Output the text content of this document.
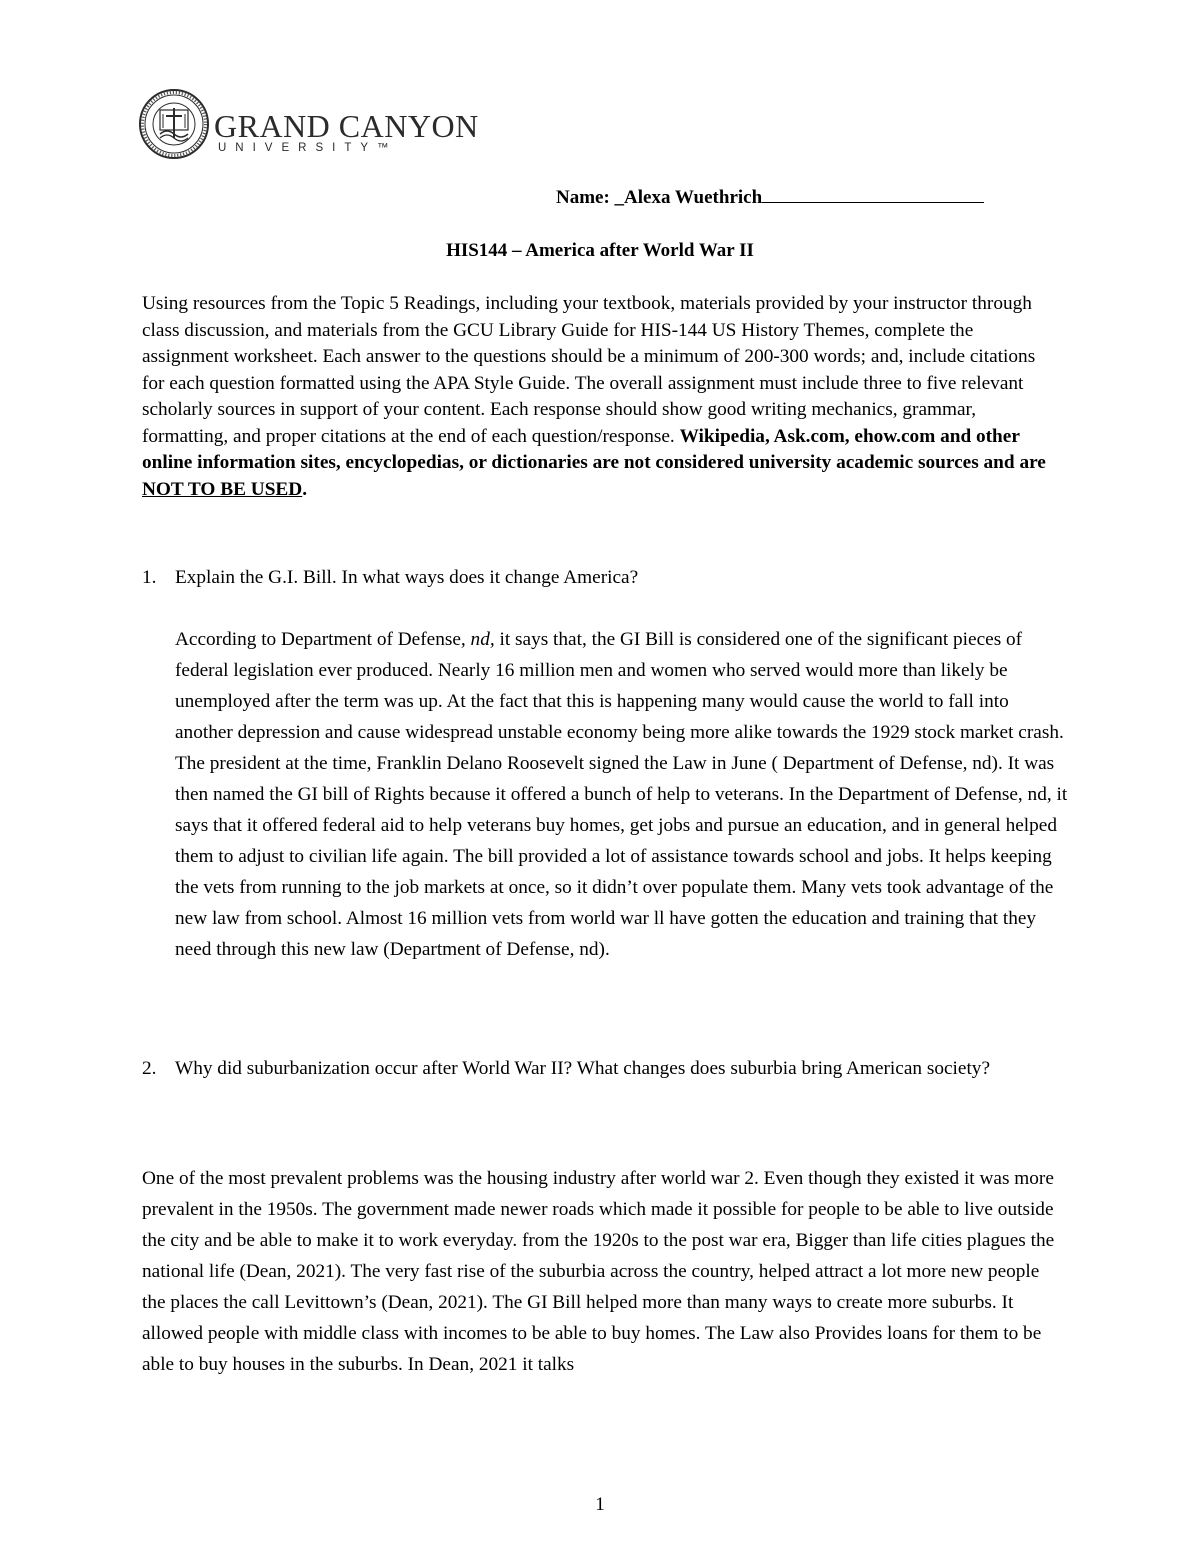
GRAND CANYON
UNIVERSITY™
Name: _Alexa Wuethrich
HIS144 – America after World War II

Using resources from the Topic 5 Readings, including your textbook, materials provided by your instructor through class discussion, and materials from the GCU Library Guide for HIS-144 US History Themes, complete the assignment worksheet. Each answer to the questions should be a minimum of 200-300 words; and, include citations for each question formatted using the APA Style Guide. The overall assignment must include three to five relevant scholarly sources in support of your content. Each response should show good writing mechanics, grammar, formatting, and proper citations at the end of each question/response. Wikipedia, Ask.com, ehow.com and other online information sites, encyclopedias, or dictionaries are not considered university academic sources and are NOT TO BE USED.

1. Explain the G.I. Bill. In what ways does it change America?

According to Department of Defense, nd, it says that, the GI Bill is considered one of the significant pieces of federal legislation ever produced. Nearly 16 million men and women who served would more than likely be unemployed after the term was up. At the fact that this is happening many would cause the world to fall into another depression and cause widespread unstable economy being more alike towards the 1929 stock market crash. The president at the time, Franklin Delano Roosevelt signed the Law in June ( Department of Defense, nd). It was then named the GI bill of Rights because it offered a bunch of help to veterans. In the Department of Defense, nd, it says that it offered federal aid to help veterans buy homes, get jobs and pursue an education, and in general helped them to adjust to civilian life again. The bill provided a lot of assistance towards school and jobs. It helps keeping the vets from running to the job markets at once, so it didn’t over populate them. Many vets took advantage of the new law from school. Almost 16 million vets from world war ll have gotten the education and training that they need through this new law (Department of Defense, nd).

2. Why did suburbanization occur after World War II? What changes does suburbia bring American society?

One of the most prevalent problems was the housing industry after world war 2. Even though they existed it was more prevalent in the 1950s. The government made newer roads which made it possible for people to be able to live outside the city and be able to make it to work everyday. from the 1920s to the post war era, Bigger than life cities plagues the national life (Dean, 2021). The very fast rise of the suburbia across the country, helped attract a lot more new people the places the call Levittown’s (Dean, 2021). The GI Bill helped more than many ways to create more suburbs. It allowed people with middle class with incomes to be able to buy homes. The Law also Provides loans for them to be able to buy houses in the suburbs. In Dean, 2021 it talks

1
